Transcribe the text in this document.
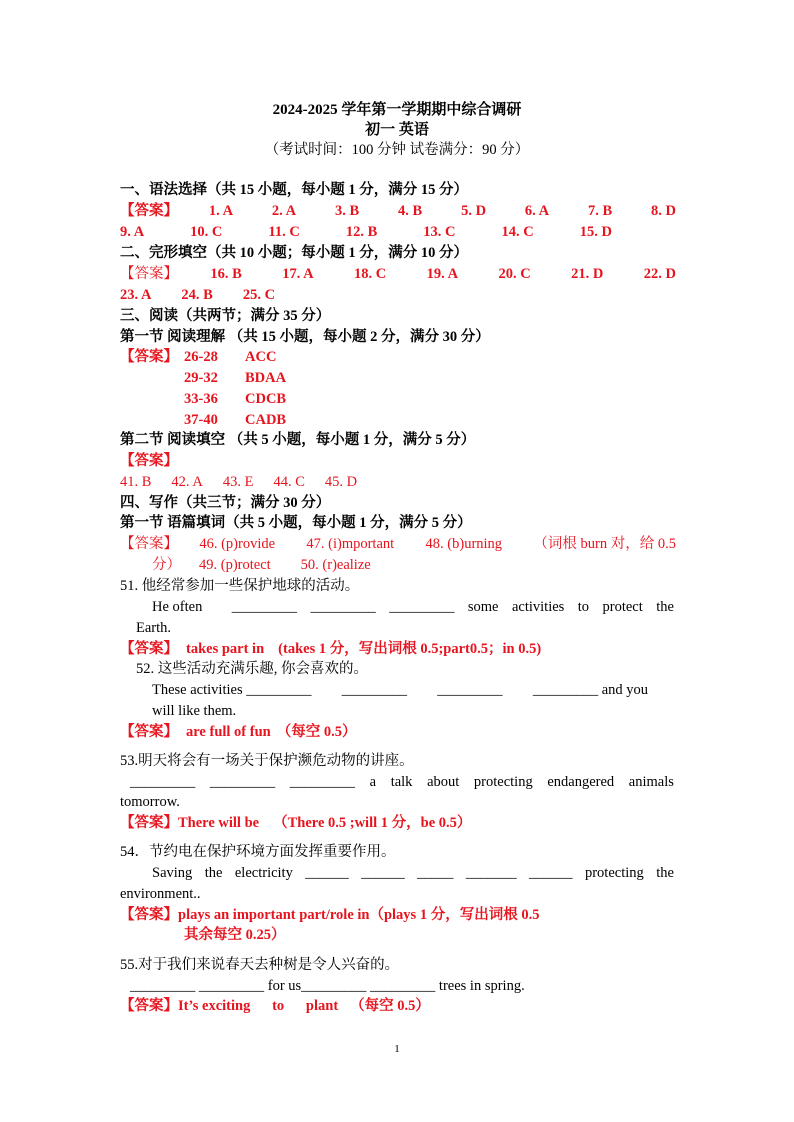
2024-2025 学年第一学期期中综合调研
初一 英语
（考试时间：100 分钟 试卷满分：90 分）
一、语法选择（共 15 小题，每小题 1 分，满分 15 分）
【答案】 1. A	2. A	3. B	4. B	5. D	6. A	7. B	8. D
9. A	10. C	11. C	12. B	13. C	14. C	15. D
二、完形填空（共 10 小题；每小题 1 分，满分 10 分）
【答案】 16. B	17. A	18. C	19. A	20. C	21. D	22. D
23. A 24. B 25. C
三、阅读（共两节；满分 35 分）
第一节 阅读理解 （共 15 小题，每小题 2 分，满分 30 分）
【答案】 26-28 ACC
29-32 BDAA
33-36 CDCB
37-40 CADB
第二节 阅读填空 （共 5 小题，每小题 1 分，满分 5 分）
【答案】
41. B 42. A 43. E 44. C 45. D
四、写作（共三节；满分 30 分）
第一节 语篇填词（共 5 小题，每小题 1 分，满分 5 分）
【答案】 46. (p)rovide 47. (i)mportant 48. (b)urning （词根 burn 对，给 0.5
分） 49. (p)rotect 50. (r)ealize
51. 他经常参加一些保护地球的活动。
He often _________ _________ _________ some activities to protect the
Earth.
【答案】 takes part in (takes 1 分，写出词根 0.5;part0.5；in 0.5)
52. 这些活动充满乐趣, 你会喜欢的。
These activities _________ _________ _________ _________ and you
will like them.
【答案】 are full of fun （每空 0.5）
53.明天将会有一场关于保护濒危动物的讲座。
_________ _________ _________ a talk about protecting endangered animals
tomorrow.
【答案】 There will be （There 0.5 ;will 1 分，be 0.5）
54．节约电在保护环境方面发挥重要作用。
Saving the electricity ______ ______ _____ _______ ______ protecting the
environment..
【答案】 plays an important part/role in （plays 1 分，写出词根 0.5
其余每空 0.25）
55.对于我们来说春天去种树是令人兴奋的。
_________ _________ for us_________ _________ trees in spring.
【答案】 It’s exciting      to      plant （每空 0.5）
1
